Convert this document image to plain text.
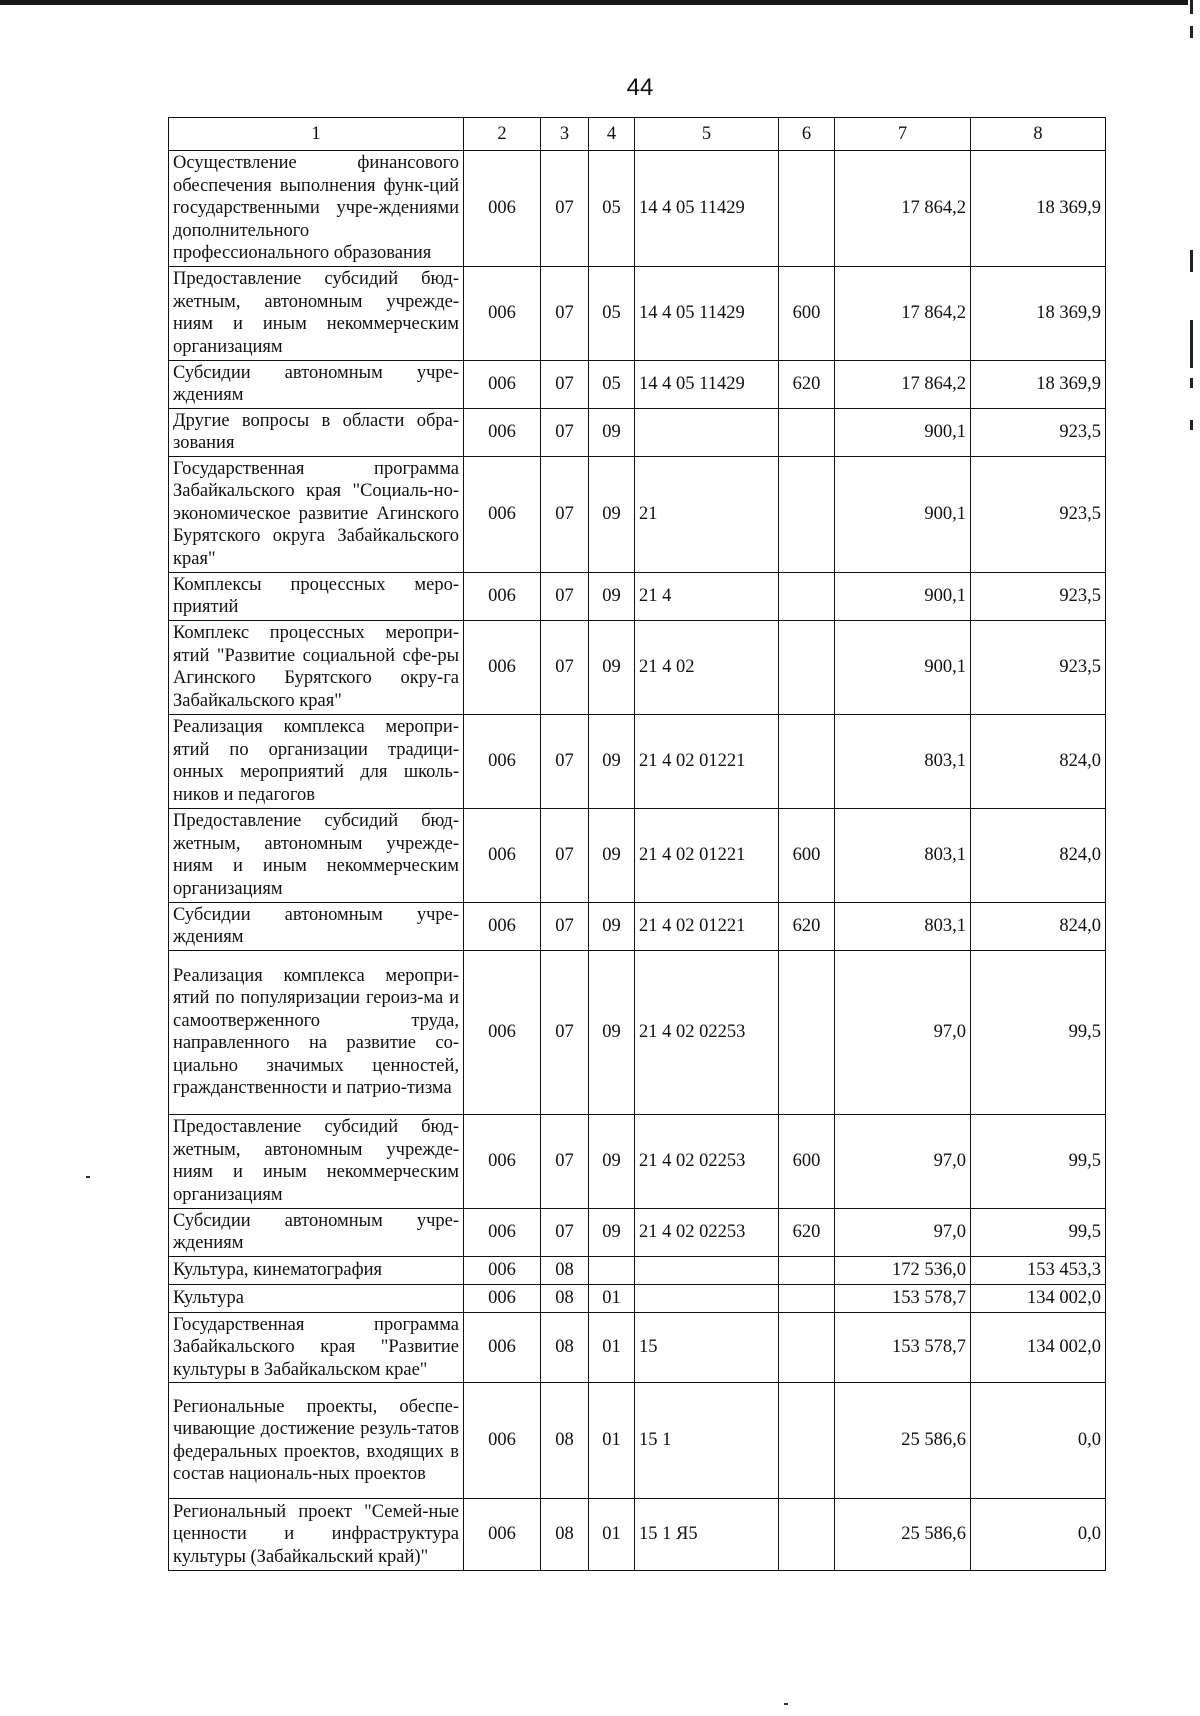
44
1	2	3	4	5	6	7	8
Осуществление финансового обеспечения выполнения функ-ций государственными учре-ждениями дополнительного профессионального образования	006	07	05	14 4 05 11429		17 864,2	18 369,9
Предоставление субсидий бюд-жетным, автономным учрежде-ниям и иным некоммерческим организациям	006	07	05	14 4 05 11429	600	17 864,2	18 369,9
Субсидии автономным учре-ждениям	006	07	05	14 4 05 11429	620	17 864,2	18 369,9
Другие вопросы в области обра-зования	006	07	09			900,1	923,5
Государственная программа Забайкальского края "Социаль-но-экономическое развитие Агинского Бурятского округа Забайкальского края"	006	07	09	21		900,1	923,5
Комплексы процессных меро-приятий	006	07	09	21 4		900,1	923,5
Комплекс процессных меропри-ятий "Развитие социальной сфе-ры Агинского Бурятского окру-га Забайкальского края"	006	07	09	21 4 02		900,1	923,5
Реализация комплекса меропри-ятий по организации традици-онных мероприятий для школь-ников и педагогов	006	07	09	21 4 02 01221		803,1	824,0
Предоставление субсидий бюд-жетным, автономным учрежде-ниям и иным некоммерческим организациям	006	07	09	21 4 02 01221	600	803,1	824,0
Субсидии автономным учре-ждениям	006	07	09	21 4 02 01221	620	803,1	824,0
Реализация комплекса меропри-ятий по популяризации героиз-ма и самоотверженного труда, направленного на развитие со-циально значимых ценностей, гражданственности и патрио-тизма	006	07	09	21 4 02 02253		97,0	99,5
Предоставление субсидий бюд-жетным, автономным учрежде-ниям и иным некоммерческим организациям	006	07	09	21 4 02 02253	600	97,0	99,5
Субсидии автономным учре-ждениям	006	07	09	21 4 02 02253	620	97,0	99,5
Культура, кинематография	006	08				172 536,0	153 453,3
Культура	006	08	01			153 578,7	134 002,0
Государственная программа Забайкальского края "Развитие культуры в Забайкальском крае"	006	08	01	15		153 578,7	134 002,0
Региональные проекты, обеспе-чивающие достижение резуль-татов федеральных проектов, входящих в состав националь-ных проектов	006	08	01	15 1		25 586,6	0,0
Региональный проект "Семей-ные ценности и инфраструктура культуры (Забайкальский край)"	006	08	01	15 1 Я5		25 586,6	0,0
